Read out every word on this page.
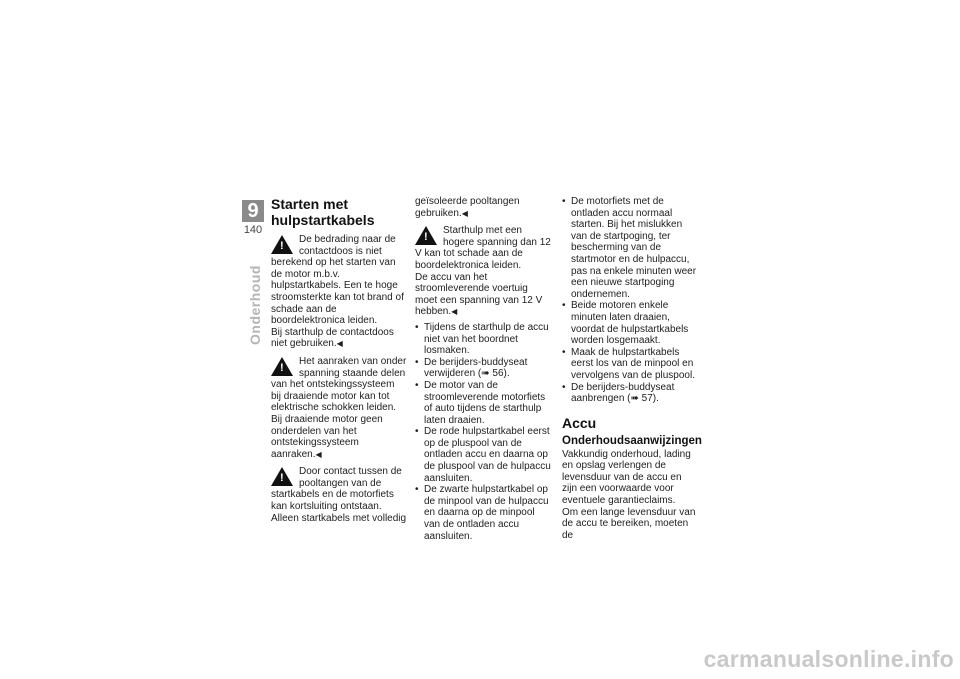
9
140
Onderhoud
Starten met hulpstartkabels
!

De bedrading naar de contactdoos is niet berekend op het starten van de motor m.b.v. hulpstartkabels. Een te hoge stroomsterkte kan tot brand of schade aan de boordelektronica leiden.

Bij starthulp de contactdoos niet gebruiken.◀

!

Het aanraken van onder spanning staande delen van het ontstekingssysteem bij draaiende motor kan tot elektrische schokken leiden.

Bij draaiende motor geen onderdelen van het ontstekingssysteem aanraken.◀

!

Door contact tussen de pooltangen van de startkabels en de motorfiets kan kortsluiting ontstaan.

Alleen startkabels met volledig

geïsoleerde pooltangen gebruiken.◀

!

Starthulp met een hogere spanning dan 12 V kan tot schade aan de boordelektronica leiden.

De accu van het stroomleverende voertuig moet een spanning van 12 V hebben.◀

• Tijdens de starthulp de accu niet van het boordnet losmaken.
• De berijders-buddyseat verwijderen (➠ 56).
• De motor van de stroomleverende motorfiets of auto tijdens de starthulp laten draaien.
• De rode hulpstartkabel eerst op de pluspool van de ontladen accu en daarna op de pluspool van de hulpaccu aansluiten.
• De zwarte hulpstartkabel op de minpool van de hulpaccu en daarna op de minpool van de ontladen accu aansluiten.
• De motorfiets met de ontladen accu normaal starten. Bij het mislukken van de startpoging, ter bescherming van de startmotor en de hulpaccu, pas na enkele minuten weer een nieuwe startpoging ondernemen.
• Beide motoren enkele minuten laten draaien, voordat de hulpstartkabels worden losgemaakt.
• Maak de hulpstartkabels eerst los van de minpool en vervolgens van de pluspool.
• De berijders-buddyseat aanbrengen (➠ 57).
Accu
Onderhoudsaanwijzingen

Vakkundig onderhoud, lading en opslag verlengen de levensduur van de accu en zijn een voorwaarde voor eventuele garantieclaims.

Om een lange levensduur van de accu te bereiken, moeten de

carmanualsonline.info
